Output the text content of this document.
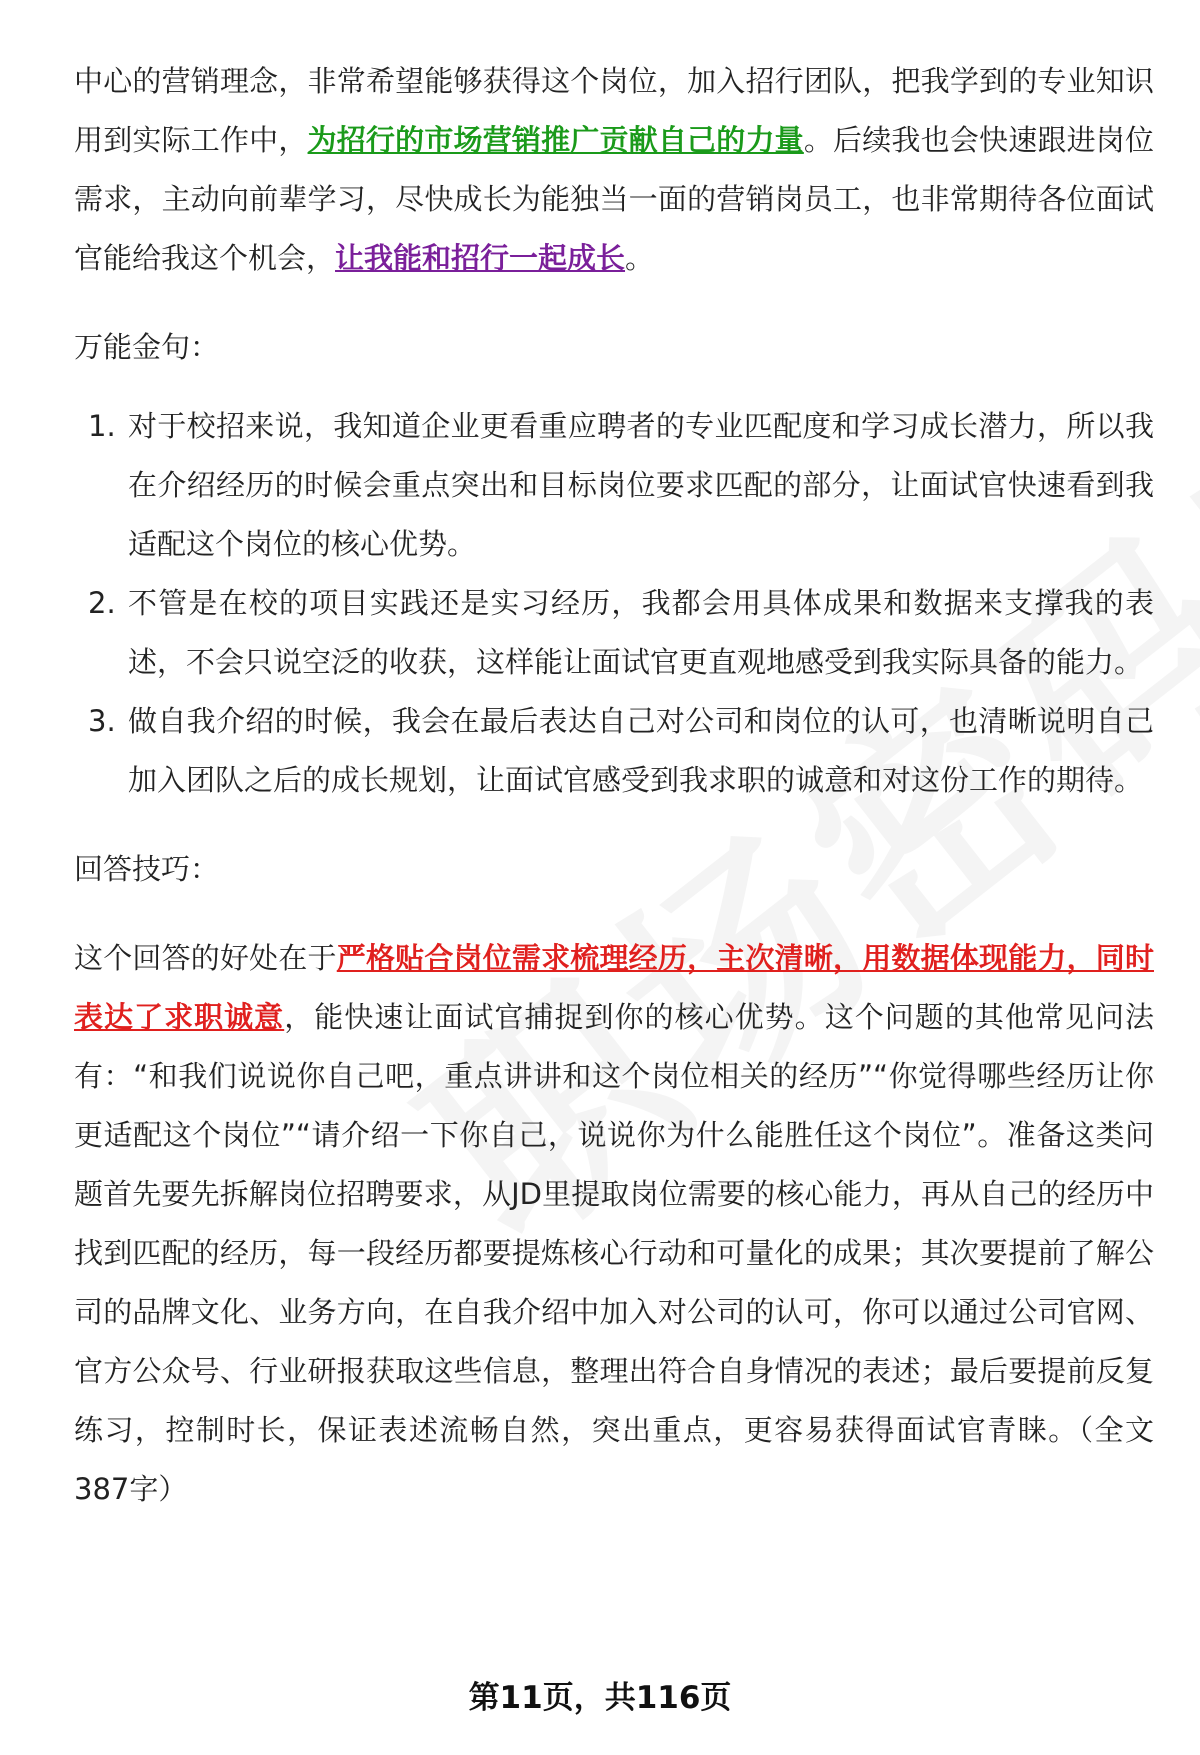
中心的营销理念，非常希望能够获得这个岗位，加入招行团队，把我学到的专业知识用到实际工作中，为招行的市场营销推广贡献自己的力量。后续我也会快速跟进岗位需求，主动向前辈学习，尽快成长为能独当一面的营销岗员工，也非常期待各位面试官能给我这个机会，让我能和招行一起成长。

万能金句：

1. 对于校招来说，我知道企业更看重应聘者的专业匹配度和学习成长潜力，所以我在介绍经历的时候会重点突出和目标岗位要求匹配的部分，让面试官快速看到我适配这个岗位的核心优势。
2. 不管是在校的项目实践还是实习经历，我都会用具体成果和数据来支撑我的表述，不会只说空泛的收获，这样能让面试官更直观地感受到我实际具备的能力。
3. 做自我介绍的时候，我会在最后表达自己对公司和岗位的认可，也清晰说明自己加入团队之后的成长规划，让面试官感受到我求职的诚意和对这份工作的期待。

回答技巧：

这个回答的好处在于严格贴合岗位需求梳理经历，主次清晰，用数据体现能力，同时表达了求职诚意，能快速让面试官捕捉到你的核心优势。这个问题的其他常见问法有：“和我们说说你自己吧，重点讲讲和这个岗位相关的经历”“你觉得哪些经历让你更适配这个岗位”“请介绍一下你自己，说说你为什么能胜任这个岗位”。准备这类问题首先要先拆解岗位招聘要求，从JD里提取岗位需要的核心能力，再从自己的经历中找到匹配的经历，每一段经历都要提炼核心行动和可量化的成果；其次要提前了解公司的品牌文化、业务方向，在自我介绍中加入对公司的认可，你可以通过公司官网、官方公众号、行业研报获取这些信息，整理出符合自身情况的表述；最后要提前反复练习，控制时长，保证表述流畅自然，突出重点，更容易获得面试官青睐。（全文387字）

第11页，共116页
